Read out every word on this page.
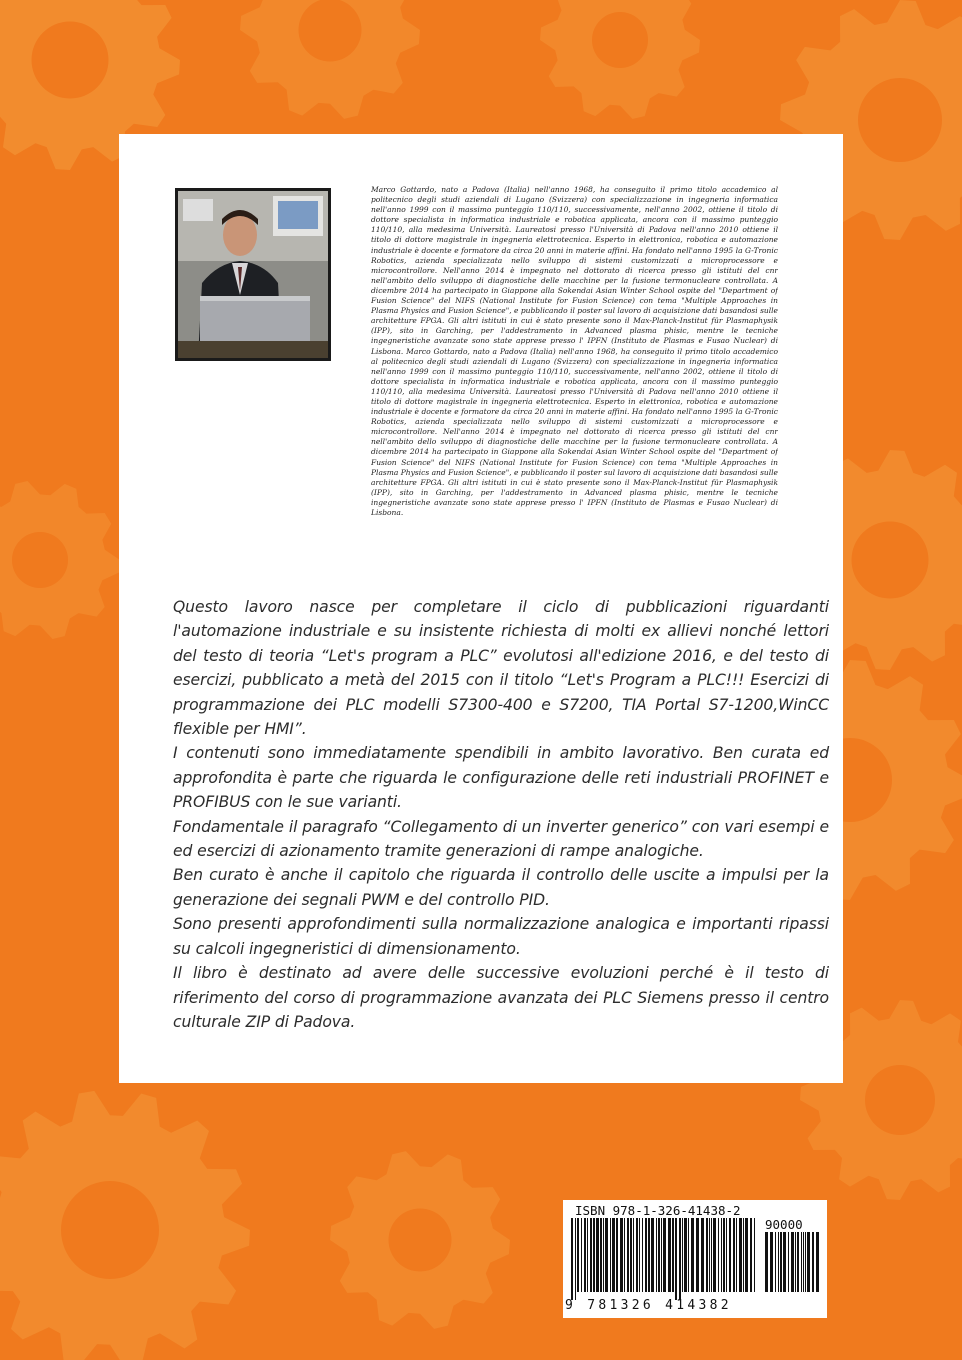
Marco Gottardo, nato a Padova (Italia) nell'anno 1968, ha conseguito il primo titolo accademico al politecnico degli studi aziendali di Lugano (Svizzera) con specializzazione in ingegneria informatica nell'anno 1999 con il massimo punteggio 110/110, successivamente, nell'anno 2002, ottiene il titolo di dottore specialista in informatica industriale e robotica applicata, ancora con il massimo punteggio 110/110, alla medesima Università. Laureatosi presso l'Università di Padova nell'anno 2010 ottiene il titolo di dottore magistrale in ingegneria elettrotecnica. Esperto in elettronica, robotica e automazione industriale è docente e formatore da circa 20 anni in materie affini. Ha fondato nell'anno 1995 la G-Tronic Robotics, azienda specializzata nello sviluppo di sistemi customizzati a microprocessore e microcontrollore. Nell'anno 2014 è impegnato nel dottorato di ricerca presso gli istituti del cnr nell'ambito dello sviluppo di diagnostiche delle macchine per la fusione termonucleare controllata. A dicembre 2014 ha partecipato in Giappone alla Sokendai Asian Winter School ospite del "Department of Fusion Science" del NIFS (National Institute for Fusion Science) con tema "Multiple Approaches in Plasma Physics and Fusion Science", e pubblicando il poster sul lavoro di acquisizione dati basandosi sulle architetture FPGA. Gli altri istituti in cui è stato presente sono il Max-Planck-Institut für Plasmaphysik (IPP), sito in Garching, per l'addestramento in Advanced plasma phisic, mentre le tecniche ingegneristiche avanzate sono state apprese presso l' IPFN (Instituto de Plasmas e Fusao Nuclear) di Lisbona. Marco Gottardo, nato a Padova (Italia) nell'anno 1968, ha conseguito il primo titolo accademico al politecnico degli studi aziendali di Lugano (Svizzera) con specializzazione in ingegneria informatica nell'anno 1999 con il massimo punteggio 110/110, successivamente, nell'anno 2002, ottiene il titolo di dottore specialista in informatica industriale e robotica applicata, ancora con il massimo punteggio 110/110, alla medesima Università. Laureatosi presso l'Università di Padova nell'anno 2010 ottiene il titolo di dottore magistrale in ingegneria elettrotecnica. Esperto in elettronica, robotica e automazione industriale è docente e formatore da circa 20 anni in materie affini. Ha fondato nell'anno 1995 la G-Tronic Robotics, azienda specializzata nello sviluppo di sistemi customizzati a microprocessore e microcontrollore. Nell'anno 2014 è impegnato nel dottorato di ricerca presso gli istituti del cnr nell'ambito dello sviluppo di diagnostiche delle macchine per la fusione termonucleare controllata. A dicembre 2014 ha partecipato in Giappone alla Sokendai Asian Winter School ospite del "Department of Fusion Science" del NIFS (National Institute for Fusion Science) con tema "Multiple Approaches in Plasma Physics and Fusion Science", e pubblicando il poster sul lavoro di acquisizione dati basandosi sulle architetture FPGA. Gli altri istituti in cui è stato presente sono il Max-Planck-Institut für Plasmaphysik (IPP), sito in Garching, per l'addestramento in Advanced plasma phisic, mentre le tecniche ingegneristiche avanzate sono state apprese presso l' IPFN (Instituto de Plasmas e Fusao Nuclear) di Lisbona.

Questo lavoro nasce per completare il ciclo di pubblicazioni riguardanti l'automazione industriale e su insistente richiesta di molti ex allievi nonché lettori del testo di teoria “Let's program a PLC” evolutosi all'edizione 2016, e del testo di esercizi, pubblicato a metà del 2015 con il titolo “Let's Program a PLC!!! Esercizi di programmazione dei PLC modelli S7300-400 e S7200, TIA Portal S7-1200,WinCC flexible per HMI”.

I contenuti sono immediatamente spendibili in ambito lavorativo. Ben curata ed approfondita è parte che riguarda le configurazione delle reti industriali PROFINET e PROFIBUS con le sue varianti.

Fondamentale il paragrafo “Collegamento di un inverter generico” con vari esempi e ed esercizi di azionamento tramite generazioni di rampe analogiche.

Ben curato è anche il capitolo che riguarda il controllo delle uscite a impulsi per la generazione dei segnali PWM e del controllo PID.

Sono presenti approfondimenti sulla normalizzazione analogica e importanti ripassi su calcoli ingegneristici di dimensionamento.

Il libro è destinato ad avere delle successive evoluzioni perché è il testo di riferimento del corso di programmazione avanzata dei PLC Siemens presso il centro culturale ZIP di Padova.

ISBN 978-1-326-41438-2
90000
9 781326 414382
